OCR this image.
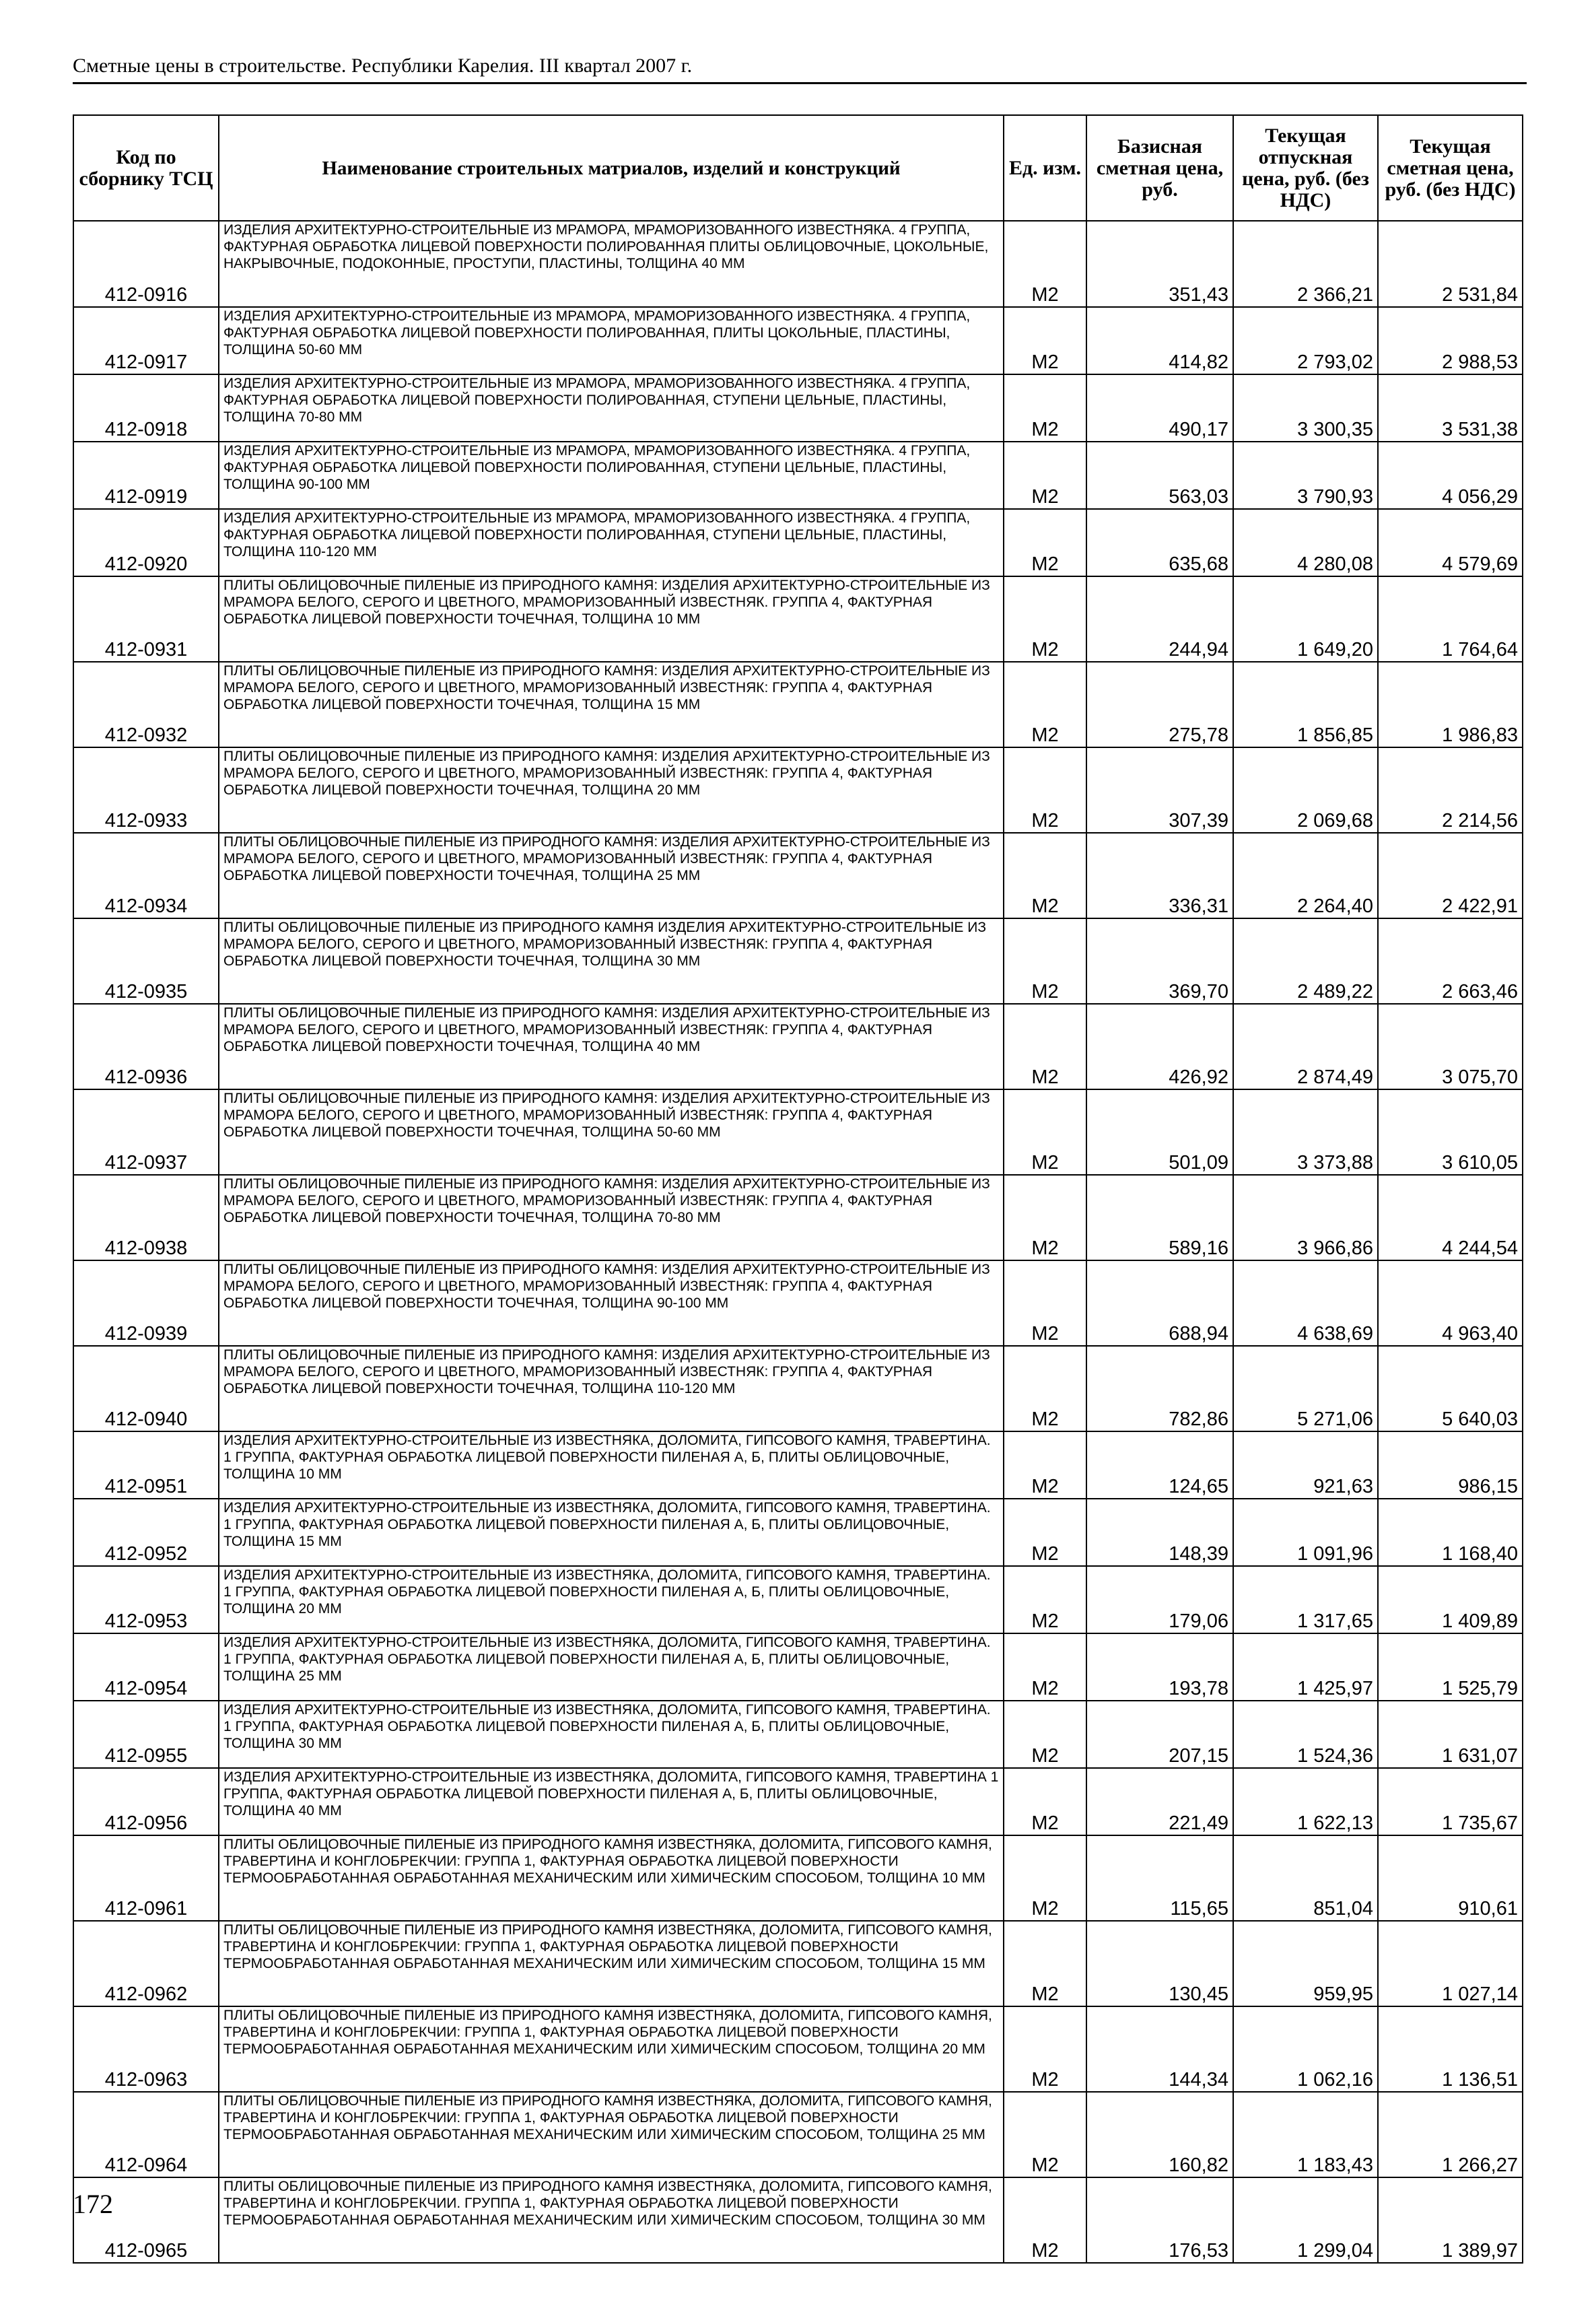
Сметные цены в строительстве. Республики Карелия. III квартал 2007 г.
Код по сборнику ТСЦ	Наименование строительных матриалов, изделий и конструкций	Ед. изм.	Базисная сметная цена, руб.	Текущая отпускная цена, руб. (без НДС)	Текущая сметная цена, руб. (без НДС)
412-0916	ИЗДЕЛИЯ АРХИТЕКТУРНО-СТРОИТЕЛЬНЫЕ ИЗ МРАМОРА, МРАМОРИЗОВАННОГО ИЗВЕСТНЯКА. 4 ГРУППА, ФАКТУРНАЯ ОБРАБОТКА ЛИЦЕВОЙ ПОВЕРХНОСТИ ПОЛИРОВАННАЯ ПЛИТЫ ОБЛИЦОВОЧНЫЕ, ЦОКОЛЬНЫЕ, НАКРЫВОЧНЫЕ, ПОДОКОННЫЕ, ПРОСТУПИ, ПЛАСТИНЫ, ТОЛЩИНА 40 ММ	М2	351,43	2 366,21	2 531,84
412-0917	ИЗДЕЛИЯ АРХИТЕКТУРНО-СТРОИТЕЛЬНЫЕ ИЗ МРАМОРА, МРАМОРИЗОВАННОГО ИЗВЕСТНЯКА. 4 ГРУППА, ФАКТУРНАЯ ОБРАБОТКА ЛИЦЕВОЙ ПОВЕРХНОСТИ ПОЛИРОВАННАЯ, ПЛИТЫ ЦОКОЛЬНЫЕ, ПЛАСТИНЫ, ТОЛЩИНА 50-60 ММ	М2	414,82	2 793,02	2 988,53
412-0918	ИЗДЕЛИЯ АРХИТЕКТУРНО-СТРОИТЕЛЬНЫЕ ИЗ МРАМОРА, МРАМОРИЗОВАННОГО ИЗВЕСТНЯКА. 4 ГРУППА, ФАКТУРНАЯ ОБРАБОТКА ЛИЦЕВОЙ ПОВЕРХНОСТИ ПОЛИРОВАННАЯ, СТУПЕНИ ЦЕЛЬНЫЕ, ПЛАСТИНЫ, ТОЛЩИНА 70-80 ММ	М2	490,17	3 300,35	3 531,38
412-0919	ИЗДЕЛИЯ АРХИТЕКТУРНО-СТРОИТЕЛЬНЫЕ ИЗ МРАМОРА, МРАМОРИЗОВАННОГО ИЗВЕСТНЯКА. 4 ГРУППА, ФАКТУРНАЯ ОБРАБОТКА ЛИЦЕВОЙ ПОВЕРХНОСТИ ПОЛИРОВАННАЯ, СТУПЕНИ ЦЕЛЬНЫЕ, ПЛАСТИНЫ, ТОЛЩИНА 90-100 ММ	М2	563,03	3 790,93	4 056,29
412-0920	ИЗДЕЛИЯ АРХИТЕКТУРНО-СТРОИТЕЛЬНЫЕ ИЗ МРАМОРА, МРАМОРИЗОВАННОГО ИЗВЕСТНЯКА. 4 ГРУППА, ФАКТУРНАЯ ОБРАБОТКА ЛИЦЕВОЙ ПОВЕРХНОСТИ ПОЛИРОВАННАЯ, СТУПЕНИ ЦЕЛЬНЫЕ, ПЛАСТИНЫ, ТОЛЩИНА 110-120 ММ	М2	635,68	4 280,08	4 579,69
412-0931	ПЛИТЫ ОБЛИЦОВОЧНЫЕ ПИЛЕНЫЕ ИЗ ПРИРОДНОГО КАМНЯ: ИЗДЕЛИЯ АРХИТЕКТУРНО-СТРОИТЕЛЬНЫЕ ИЗ МРАМОРА БЕЛОГО, СЕРОГО И ЦВЕТНОГО, МРАМОРИЗОВАННЫЙ ИЗВЕСТНЯК. ГРУППА 4, ФАКТУРНАЯ ОБРАБОТКА ЛИЦЕВОЙ ПОВЕРХНОСТИ ТОЧЕЧНАЯ, ТОЛЩИНА 10 ММ	М2	244,94	1 649,20	1 764,64
412-0932	ПЛИТЫ ОБЛИЦОВОЧНЫЕ ПИЛЕНЫЕ ИЗ ПРИРОДНОГО КАМНЯ: ИЗДЕЛИЯ АРХИТЕКТУРНО-СТРОИТЕЛЬНЫЕ ИЗ МРАМОРА БЕЛОГО, СЕРОГО И ЦВЕТНОГО, МРАМОРИЗОВАННЫЙ ИЗВЕСТНЯК: ГРУППА 4, ФАКТУРНАЯ ОБРАБОТКА ЛИЦЕВОЙ ПОВЕРХНОСТИ ТОЧЕЧНАЯ, ТОЛЩИНА 15 ММ	М2	275,78	1 856,85	1 986,83
412-0933	ПЛИТЫ ОБЛИЦОВОЧНЫЕ ПИЛЕНЫЕ ИЗ ПРИРОДНОГО КАМНЯ: ИЗДЕЛИЯ АРХИТЕКТУРНО-СТРОИТЕЛЬНЫЕ ИЗ МРАМОРА БЕЛОГО, СЕРОГО И ЦВЕТНОГО, МРАМОРИЗОВАННЫЙ ИЗВЕСТНЯК: ГРУППА 4, ФАКТУРНАЯ ОБРАБОТКА ЛИЦЕВОЙ ПОВЕРХНОСТИ ТОЧЕЧНАЯ, ТОЛЩИНА 20 ММ	М2	307,39	2 069,68	2 214,56
412-0934	ПЛИТЫ ОБЛИЦОВОЧНЫЕ ПИЛЕНЫЕ ИЗ ПРИРОДНОГО КАМНЯ: ИЗДЕЛИЯ АРХИТЕКТУРНО-СТРОИТЕЛЬНЫЕ ИЗ МРАМОРА БЕЛОГО, СЕРОГО И ЦВЕТНОГО, МРАМОРИЗОВАННЫЙ ИЗВЕСТНЯК: ГРУППА 4, ФАКТУРНАЯ ОБРАБОТКА ЛИЦЕВОЙ ПОВЕРХНОСТИ ТОЧЕЧНАЯ, ТОЛЩИНА 25 ММ	М2	336,31	2 264,40	2 422,91
412-0935	ПЛИТЫ ОБЛИЦОВОЧНЫЕ ПИЛЕНЫЕ ИЗ ПРИРОДНОГО КАМНЯ ИЗДЕЛИЯ АРХИТЕКТУРНО-СТРОИТЕЛЬНЫЕ ИЗ МРАМОРА БЕЛОГО, СЕРОГО И ЦВЕТНОГО, МРАМОРИЗОВАННЫЙ ИЗВЕСТНЯК: ГРУППА 4, ФАКТУРНАЯ ОБРАБОТКА ЛИЦЕВОЙ ПОВЕРХНОСТИ ТОЧЕЧНАЯ, ТОЛЩИНА 30 ММ	М2	369,70	2 489,22	2 663,46
412-0936	ПЛИТЫ ОБЛИЦОВОЧНЫЕ ПИЛЕНЫЕ ИЗ ПРИРОДНОГО КАМНЯ: ИЗДЕЛИЯ АРХИТЕКТУРНО-СТРОИТЕЛЬНЫЕ ИЗ МРАМОРА БЕЛОГО, СЕРОГО И ЦВЕТНОГО, МРАМОРИЗОВАННЫЙ ИЗВЕСТНЯК: ГРУППА 4, ФАКТУРНАЯ ОБРАБОТКА ЛИЦЕВОЙ ПОВЕРХНОСТИ ТОЧЕЧНАЯ, ТОЛЩИНА 40 ММ	М2	426,92	2 874,49	3 075,70
412-0937	ПЛИТЫ ОБЛИЦОВОЧНЫЕ ПИЛЕНЫЕ ИЗ ПРИРОДНОГО КАМНЯ: ИЗДЕЛИЯ АРХИТЕКТУРНО-СТРОИТЕЛЬНЫЕ ИЗ МРАМОРА БЕЛОГО, СЕРОГО И ЦВЕТНОГО, МРАМОРИЗОВАННЫЙ ИЗВЕСТНЯК: ГРУППА 4, ФАКТУРНАЯ ОБРАБОТКА ЛИЦЕВОЙ ПОВЕРХНОСТИ ТОЧЕЧНАЯ, ТОЛЩИНА 50-60 ММ	М2	501,09	3 373,88	3 610,05
412-0938	ПЛИТЫ ОБЛИЦОВОЧНЫЕ ПИЛЕНЫЕ ИЗ ПРИРОДНОГО КАМНЯ: ИЗДЕЛИЯ АРХИТЕКТУРНО-СТРОИТЕЛЬНЫЕ ИЗ МРАМОРА БЕЛОГО, СЕРОГО И ЦВЕТНОГО, МРАМОРИЗОВАННЫЙ ИЗВЕСТНЯК: ГРУППА 4, ФАКТУРНАЯ ОБРАБОТКА ЛИЦЕВОЙ ПОВЕРХНОСТИ ТОЧЕЧНАЯ, ТОЛЩИНА 70-80 ММ	М2	589,16	3 966,86	4 244,54
412-0939	ПЛИТЫ ОБЛИЦОВОЧНЫЕ ПИЛЕНЫЕ ИЗ ПРИРОДНОГО КАМНЯ: ИЗДЕЛИЯ АРХИТЕКТУРНО-СТРОИТЕЛЬНЫЕ ИЗ МРАМОРА БЕЛОГО, СЕРОГО И ЦВЕТНОГО, МРАМОРИЗОВАННЫЙ ИЗВЕСТНЯК: ГРУППА 4, ФАКТУРНАЯ ОБРАБОТКА ЛИЦЕВОЙ ПОВЕРХНОСТИ ТОЧЕЧНАЯ, ТОЛЩИНА 90-100 ММ	М2	688,94	4 638,69	4 963,40
412-0940	ПЛИТЫ ОБЛИЦОВОЧНЫЕ ПИЛЕНЫЕ ИЗ ПРИРОДНОГО КАМНЯ: ИЗДЕЛИЯ АРХИТЕКТУРНО-СТРОИТЕЛЬНЫЕ ИЗ МРАМОРА БЕЛОГО, СЕРОГО И ЦВЕТНОГО, МРАМОРИЗОВАННЫЙ ИЗВЕСТНЯК: ГРУППА 4, ФАКТУРНАЯ ОБРАБОТКА ЛИЦЕВОЙ ПОВЕРХНОСТИ ТОЧЕЧНАЯ, ТОЛЩИНА 110-120 ММ	М2	782,86	5 271,06	5 640,03
412-0951	ИЗДЕЛИЯ АРХИТЕКТУРНО-СТРОИТЕЛЬНЫЕ ИЗ ИЗВЕСТНЯКА, ДОЛОМИТА, ГИПСОВОГО КАМНЯ, ТРАВЕРТИНА. 1 ГРУППА, ФАКТУРНАЯ ОБРАБОТКА ЛИЦЕВОЙ ПОВЕРХНОСТИ ПИЛЕНАЯ А, Б, ПЛИТЫ ОБЛИЦОВОЧНЫЕ, ТОЛЩИНА 10 ММ	М2	124,65	921,63	986,15
412-0952	ИЗДЕЛИЯ АРХИТЕКТУРНО-СТРОИТЕЛЬНЫЕ ИЗ ИЗВЕСТНЯКА, ДОЛОМИТА, ГИПСОВОГО КАМНЯ, ТРАВЕРТИНА. 1 ГРУППА, ФАКТУРНАЯ ОБРАБОТКА ЛИЦЕВОЙ ПОВЕРХНОСТИ ПИЛЕНАЯ А, Б, ПЛИТЫ ОБЛИЦОВОЧНЫЕ, ТОЛЩИНА 15 ММ	М2	148,39	1 091,96	1 168,40
412-0953	ИЗДЕЛИЯ АРХИТЕКТУРНО-СТРОИТЕЛЬНЫЕ ИЗ ИЗВЕСТНЯКА, ДОЛОМИТА, ГИПСОВОГО КАМНЯ, ТРАВЕРТИНА. 1 ГРУППА, ФАКТУРНАЯ ОБРАБОТКА ЛИЦЕВОЙ ПОВЕРХНОСТИ ПИЛЕНАЯ А, Б, ПЛИТЫ ОБЛИЦОВОЧНЫЕ, ТОЛЩИНА 20 ММ	М2	179,06	1 317,65	1 409,89
412-0954	ИЗДЕЛИЯ АРХИТЕКТУРНО-СТРОИТЕЛЬНЫЕ ИЗ ИЗВЕСТНЯКА, ДОЛОМИТА, ГИПСОВОГО КАМНЯ, ТРАВЕРТИНА. 1 ГРУППА, ФАКТУРНАЯ ОБРАБОТКА ЛИЦЕВОЙ ПОВЕРХНОСТИ ПИЛЕНАЯ А, Б, ПЛИТЫ ОБЛИЦОВОЧНЫЕ, ТОЛЩИНА 25 ММ	М2	193,78	1 425,97	1 525,79
412-0955	ИЗДЕЛИЯ АРХИТЕКТУРНО-СТРОИТЕЛЬНЫЕ ИЗ ИЗВЕСТНЯКА, ДОЛОМИТА, ГИПСОВОГО КАМНЯ, ТРАВЕРТИНА. 1 ГРУППА, ФАКТУРНАЯ ОБРАБОТКА ЛИЦЕВОЙ ПОВЕРХНОСТИ ПИЛЕНАЯ А, Б, ПЛИТЫ ОБЛИЦОВОЧНЫЕ, ТОЛЩИНА 30 ММ	М2	207,15	1 524,36	1 631,07
412-0956	ИЗДЕЛИЯ АРХИТЕКТУРНО-СТРОИТЕЛЬНЫЕ ИЗ ИЗВЕСТНЯКА, ДОЛОМИТА, ГИПСОВОГО КАМНЯ, ТРАВЕРТИНА 1 ГРУППА, ФАКТУРНАЯ ОБРАБОТКА ЛИЦЕВОЙ ПОВЕРХНОСТИ ПИЛЕНАЯ А, Б, ПЛИТЫ ОБЛИЦОВОЧНЫЕ, ТОЛЩИНА 40 ММ	М2	221,49	1 622,13	1 735,67
412-0961	ПЛИТЫ ОБЛИЦОВОЧНЫЕ ПИЛЕНЫЕ ИЗ ПРИРОДНОГО КАМНЯ ИЗВЕСТНЯКА, ДОЛОМИТА, ГИПСОВОГО КАМНЯ, ТРАВЕРТИНА И КОНГЛОБРЕКЧИИ: ГРУППА 1, ФАКТУРНАЯ ОБРАБОТКА ЛИЦЕВОЙ ПОВЕРХНОСТИ ТЕРМООБРАБОТАННАЯ ОБРАБОТАННАЯ МЕХАНИЧЕСКИМ ИЛИ ХИМИЧЕСКИМ СПОСОБОМ, ТОЛЩИНА 10 ММ	М2	115,65	851,04	910,61
412-0962	ПЛИТЫ ОБЛИЦОВОЧНЫЕ ПИЛЕНЫЕ ИЗ ПРИРОДНОГО КАМНЯ ИЗВЕСТНЯКА, ДОЛОМИТА, ГИПСОВОГО КАМНЯ, ТРАВЕРТИНА И КОНГЛОБРЕКЧИИ: ГРУППА 1, ФАКТУРНАЯ ОБРАБОТКА ЛИЦЕВОЙ ПОВЕРХНОСТИ ТЕРМООБРАБОТАННАЯ ОБРАБОТАННАЯ МЕХАНИЧЕСКИМ ИЛИ ХИМИЧЕСКИМ СПОСОБОМ, ТОЛЩИНА 15 ММ	М2	130,45	959,95	1 027,14
412-0963	ПЛИТЫ ОБЛИЦОВОЧНЫЕ ПИЛЕНЫЕ ИЗ ПРИРОДНОГО КАМНЯ ИЗВЕСТНЯКА, ДОЛОМИТА, ГИПСОВОГО КАМНЯ, ТРАВЕРТИНА И КОНГЛОБРЕКЧИИ: ГРУППА 1, ФАКТУРНАЯ ОБРАБОТКА ЛИЦЕВОЙ ПОВЕРХНОСТИ ТЕРМООБРАБОТАННАЯ ОБРАБОТАННАЯ МЕХАНИЧЕСКИМ ИЛИ ХИМИЧЕСКИМ СПОСОБОМ, ТОЛЩИНА 20 ММ	М2	144,34	1 062,16	1 136,51
412-0964	ПЛИТЫ ОБЛИЦОВОЧНЫЕ ПИЛЕНЫЕ ИЗ ПРИРОДНОГО КАМНЯ ИЗВЕСТНЯКА, ДОЛОМИТА, ГИПСОВОГО КАМНЯ, ТРАВЕРТИНА И КОНГЛОБРЕКЧИИ: ГРУППА 1, ФАКТУРНАЯ ОБРАБОТКА ЛИЦЕВОЙ ПОВЕРХНОСТИ ТЕРМООБРАБОТАННАЯ ОБРАБОТАННАЯ МЕХАНИЧЕСКИМ ИЛИ ХИМИЧЕСКИМ СПОСОБОМ, ТОЛЩИНА 25 ММ	М2	160,82	1 183,43	1 266,27
412-0965	ПЛИТЫ ОБЛИЦОВОЧНЫЕ ПИЛЕНЫЕ ИЗ ПРИРОДНОГО КАМНЯ ИЗВЕСТНЯКА, ДОЛОМИТА, ГИПСОВОГО КАМНЯ, ТРАВЕРТИНА И КОНГЛОБРЕКЧИИ. ГРУППА 1, ФАКТУРНАЯ ОБРАБОТКА ЛИЦЕВОЙ ПОВЕРХНОСТИ ТЕРМООБРАБОТАННАЯ ОБРАБОТАННАЯ МЕХАНИЧЕСКИМ ИЛИ ХИМИЧЕСКИМ СПОСОБОМ, ТОЛЩИНА 30 ММ	М2	176,53	1 299,04	1 389,97
172
